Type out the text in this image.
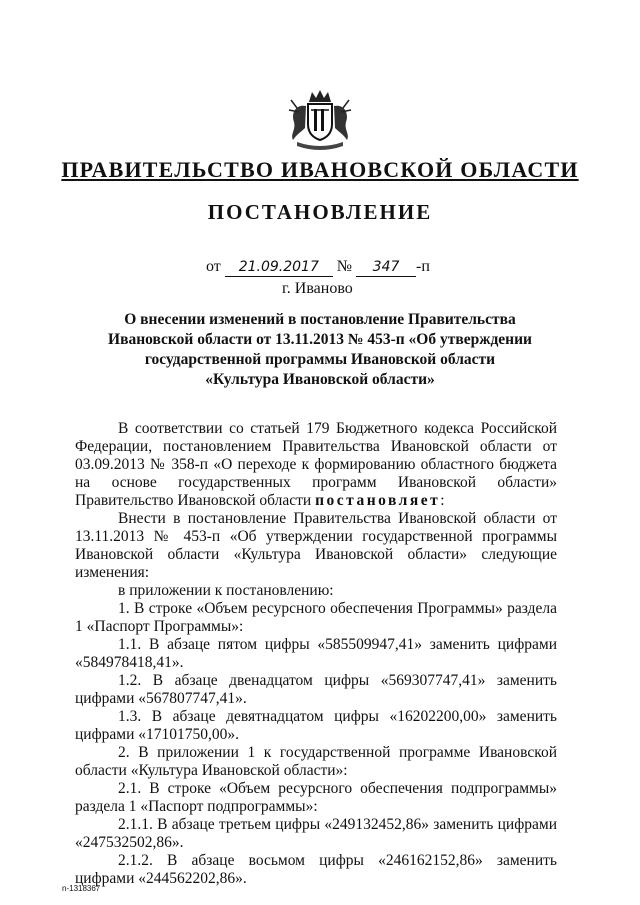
ПРАВИТЕЛЬСТВО ИВАНОВСКОЙ ОБЛАСТИ
ПОСТАНОВЛЕНИЕ
от 21.09.2017 № 347 -п
г. Иваново
О внесении изменений в постановление Правительства
Ивановской области от 13.11.2013 № 453-п «Об утверждении
государственной программы Ивановской области
«Культура Ивановской области»

В соответствии со статьей 179 Бюджетного кодекса Российской Федерации, постановлением Правительства Ивановской области от 03.09.2013 № 358-п «О переходе к формированию областного бюджета на основе государственных программ Ивановской области» Правительство Ивановской области постановляет:

Внести в постановление Правительства Ивановской области от 13.11.2013 № 453-п «Об утверждении государственной программы Ивановской области «Культура Ивановской области» следующие изменения:

в приложении к постановлению:

1. В строке «Объем ресурсного обеспечения Программы» раздела 1 «Паспорт Программы»:

1.1. В абзаце пятом цифры «585509947,41» заменить цифрами «584978418,41».

1.2. В абзаце двенадцатом цифры «569307747,41» заменить цифрами «567807747,41».

1.3. В абзаце девятнадцатом цифры «16202200,00» заменить цифрами «17101750,00».

2. В приложении 1 к государственной программе Ивановской области «Культура Ивановской области»:

2.1. В строке «Объем ресурсного обеспечения подпрограммы» раздела 1 «Паспорт подпрограммы»:

2.1.1. В абзаце третьем цифры «249132452,86» заменить цифрами «247532502,86».

2.1.2. В абзаце восьмом цифры «246162152,86» заменить цифрами «244562202,86».

n-1318367
